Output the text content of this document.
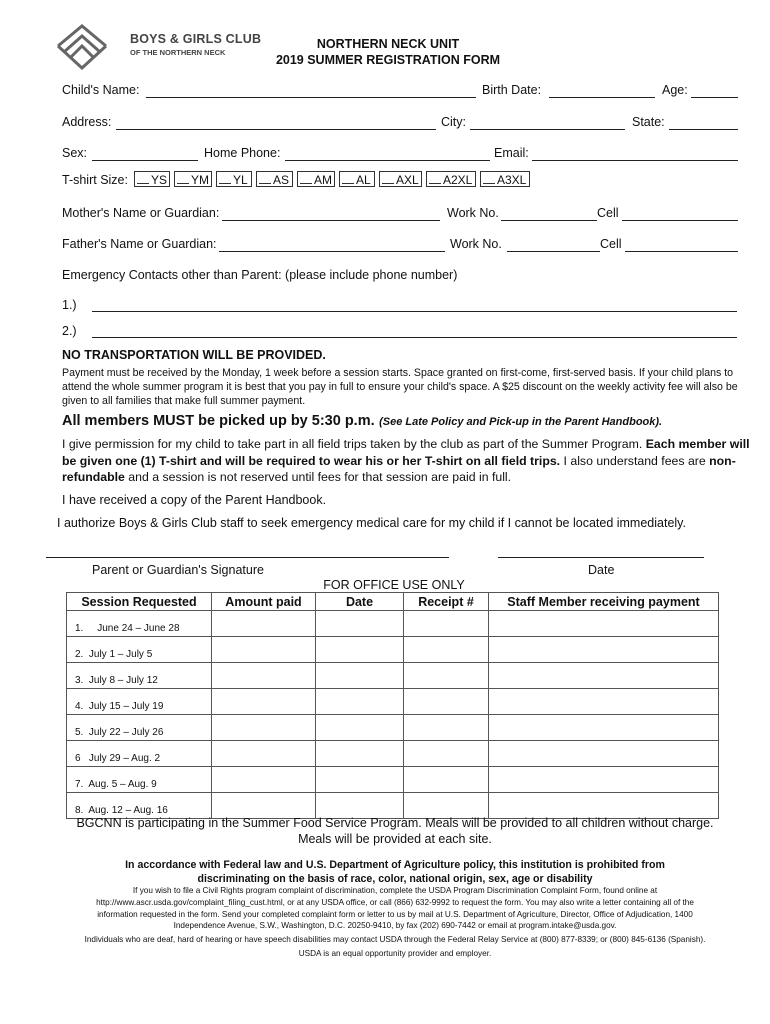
BOYS & GIRLS CLUB
OF THE NORTHERN NECK
NORTHERN NECK UNIT
2019 SUMMER REGISTRATION FORM
Child's Name:	Birth Date:	Age:
Address:	City:	State:
Sex:	Home Phone:	Email:
T-shirt Size:	YS	YM	YL	AS	AM	AL	AXL	A2XL	A3XL
Mother's Name or Guardian:	Work No.	Cell
Father's Name or Guardian:	Work No.	Cell
Emergency Contacts other than Parent: (please include phone number)
1.)
2.)
NO TRANSPORTATION WILL BE PROVIDED.
Payment must be received by the Monday, 1 week before a session starts. Space granted on first-come, first-served basis. If your child plans to attend the whole summer program it is best that you pay in full to ensure your child's space. A $25 discount on the weekly activity fee will also be given to all families that make full summer payment.
All members MUST be picked up by 5:30 p.m. (See Late Policy and Pick-up in the Parent Handbook).
I give permission for my child to take part in all field trips taken by the club as part of the Summer Program. Each member will be given one (1) T-shirt and will be required to wear his or her T-shirt on all field trips. I also understand fees are non-refundable and a session is not reserved until fees for that session are paid in full.
I have received a copy of the Parent Handbook.
I authorize Boys & Girls Club staff to seek emergency medical care for my child if I cannot be located immediately.
Parent or Guardian's Signature	Date
FOR OFFICE USE ONLY
Session Requested	Amount paid	Date	Receipt #	Staff Member receiving payment

1.     June 24 – June 28				

2.  July 1 – July 5				

3.  July 8 – July 12				

4.  July 15 – July 19				

5.  July 22 – July 26				

6   July 29 – Aug. 2				

7.  Aug. 5 – Aug. 9				

8.  Aug. 12 – Aug. 16				

BGCNN is participating in the Summer Food Service Program. Meals will be provided to all children without charge.
Meals will be provided at each site.
In accordance with Federal law and U.S. Department of Agriculture policy, this institution is prohibited from
discriminating on the basis of race, color, national origin, sex, age or disability
If you wish to file a Civil Rights program complaint of discrimination, complete the USDA Program Discrimination Complaint Form, found online at
http://www.ascr.usda.gov/complaint_filing_cust.html, or at any USDA office, or call (866) 632-9992 to request the form. You may also write a letter containing all of the
information requested in the form. Send your completed complaint form or letter to us by mail at U.S. Department of Agriculture, Director, Office of Adjudication, 1400
Independence Avenue, S.W., Washington, D.C. 20250-9410, by fax (202) 690-7442 or email at program.intake@usda.gov.
Individuals who are deaf, hard of hearing or have speech disabilities may contact USDA through the Federal Relay Service at (800) 877-8339; or (800) 845-6136 (Spanish).
USDA is an equal opportunity provider and employer.
